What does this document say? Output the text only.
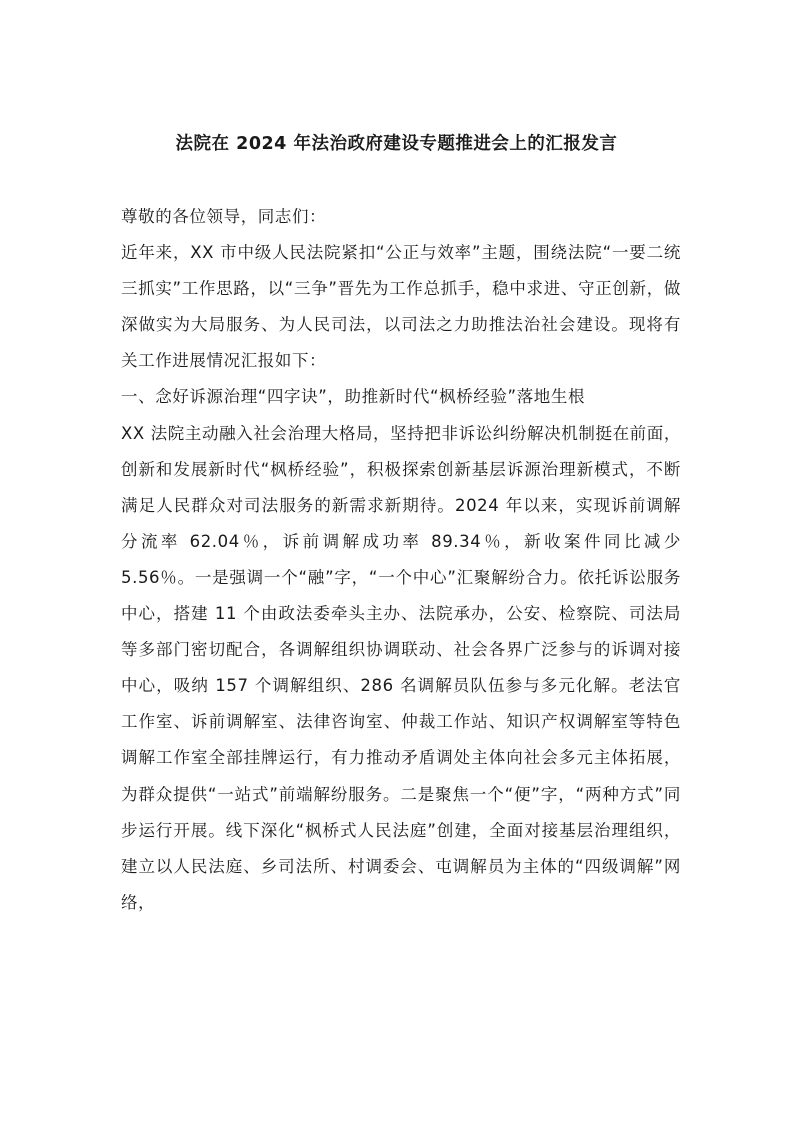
法院在 2024 年法治政府建设专题推进会上的汇报发言

尊敬的各位领导，同志们：

近年来，XX 市中级人民法院紧扣“公正与效率”主题，围绕法院“一要二统三抓实”工作思路，以“三争”晋先为工作总抓手，稳中求进、守正创新，做深做实为大局服务、为人民司法，以司法之力助推法治社会建设。现将有关工作进展情况汇报如下：

一、念好诉源治理“四字诀”，助推新时代“枫桥经验”落地生根

XX 法院主动融入社会治理大格局，坚持把非诉讼纠纷解决机制挺在前面，创新和发展新时代“枫桥经验”，积极探索创新基层诉源治理新模式，不断满足人民群众对司法服务的新需求新期待。2024 年以来，实现诉前调解分流率 62.04％，诉前调解成功率 89.34％，新收案件同比减少 5.56％。一是强调一个“融”字，“一个中心”汇聚解纷合力。依托诉讼服务中心，搭建 11 个由政法委牵头主办、法院承办，公安、检察院、司法局等多部门密切配合，各调解组织协调联动、社会各界广泛参与的诉调对接中心，吸纳 157 个调解组织、286 名调解员队伍参与多元化解。老法官工作室、诉前调解室、法律咨询室、仲裁工作站、知识产权调解室等特色调解工作室全部挂牌运行，有力推动矛盾调处主体向社会多元主体拓展，为群众提供“一站式”前端解纷服务。二是聚焦一个“便”字，“两种方式”同步运行开展。线下深化“枫桥式人民法庭”创建，全面对接基层治理组织，建立以人民法庭、乡司法所、村调委会、屯调解员为主体的“四级调解”网络，
